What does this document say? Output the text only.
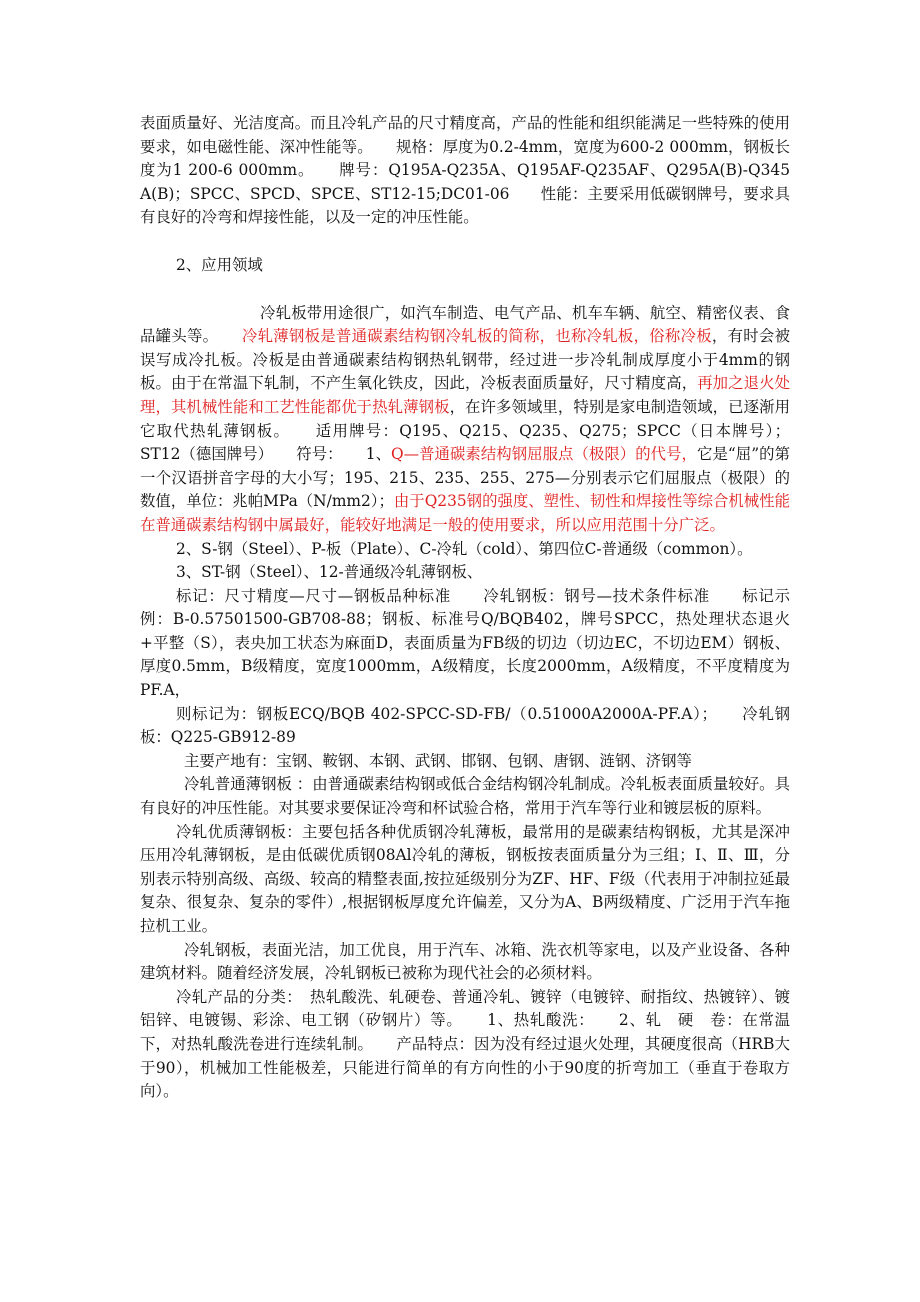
表面质量好、光洁度高。而且冷轧产品的尺寸精度高，产品的性能和组织能满足一些特殊的使用要求，如电磁性能、深冲性能等。　　规格：厚度为0.2-4mm，宽度为600-2 000mm，钢板长度为1 200-6 000mm。　　牌号：Q195A-Q235A、Q195AF-Q235AF、Q295A(B)-Q345 A(B)；SPCC、SPCD、SPCE、ST12-15;DC01-06　　性能：主要采用低碳钢牌号，要求具有良好的冷弯和焊接性能，以及一定的冲压性能。

2、应用领域

冷轧板带用途很广，如汽车制造、电气产品、机车车辆、航空、精密仪表、食品罐头等。　　冷轧薄钢板是普通碳素结构钢冷轧板的简称，也称冷轧板，俗称冷板，有时会被误写成冷扎板。冷板是由普通碳素结构钢热轧钢带，经过进一步冷轧制成厚度小于4mm的钢板。由于在常温下轧制，不产生氧化铁皮，因此，冷板表面质量好，尺寸精度高，再加之退火处理，其机械性能和工艺性能都优于热轧薄钢板，在许多领域里，特别是家电制造领域，已逐渐用它取代热轧薄钢板。　　适用牌号：Q195、Q215、Q235、Q275；SPCC（日本牌号）；ST12（德国牌号）　　符号：　　1、Q—普通碳素结构钢屈服点（极限）的代号，它是“屈”的第一个汉语拼音字母的大小写；195、215、235、255、275—分别表示它们屈服点（极限）的数值，单位：兆帕MPa（N/mm2）；由于Q235钢的强度、塑性、韧性和焊接性等综合机械性能在普通碳素结构钢中属最好，能较好地满足一般的使用要求，所以应用范围十分广泛。

2、S-钢（Steel）、P-板（Plate）、C-冷轧（cold）、第四位C-普通级（common）。

3、ST-钢（Steel）、12-普通级冷轧薄钢板、

标记：尺寸精度—尺寸—钢板品种标准　　冷轧钢板：钢号—技术条件标准　　标记示例：B-0.57501500-GB708-88；钢板、标准号Q/BQB402，牌号SPCC，热处理状态退火+平整（S），表央加工状态为麻面D，表面质量为FB级的切边（切边EC，不切边EM）钢板、厚度0.5mm，B级精度，宽度1000mm，A级精度，长度2000mm，A级精度，不平度精度为PF.A，

则标记为：钢板ECQ/BQB 402-SPCC-SD-FB/（0.51000A2000A-PF.A）；　　冷轧钢板：Q225-GB912-89

主要产地有：宝钢、鞍钢、本钢、武钢、邯钢、包钢、唐钢、涟钢、济钢等

冷轧普通薄钢板 ：由普通碳素结构钢或低合金结构钢冷轧制成。冷轧板表面质量较好。具有良好的冲压性能。对其要求要保证冷弯和杯试验合格，常用于汽车等行业和镀层板的原料。

冷轧优质薄钢板：主要包括各种优质钢冷轧薄板，最常用的是碳素结构钢板，尤其是深冲压用冷轧薄钢板，是由低碳优质钢08Al冷轧的薄板，钢板按表面质量分为三组；Ⅰ、Ⅱ、Ⅲ，分别表示特别高级、高级、较高的精整表面,按拉延级别分为ZF、HF、F级（代表用于冲制拉延最复杂、很复杂、复杂的零件）,根据钢板厚度允许偏差，又分为A、B两级精度、广泛用于汽车拖拉机工业。

冷轧钢板，表面光洁，加工优良，用于汽车、冰箱、洗衣机等家电，以及产业设备、各种建筑材料。随着经济发展，冷轧钢板已被称为现代社会的必须材料。

冷轧产品的分类：　热轧酸洗、轧硬卷、普通冷轧、镀锌（电镀锌、耐指纹、热镀锌）、镀铝锌、电镀锡、彩涂、电工钢（矽钢片）等。　　1、热轧酸洗：　　2、轧　硬　卷：在常温下，对热轧酸洗卷进行连续轧制。　　产品特点：因为没有经过退火处理，其硬度很高（HRB大于90），机械加工性能极差，只能进行简单的有方向性的小于90度的折弯加工（垂直于卷取方向）。
